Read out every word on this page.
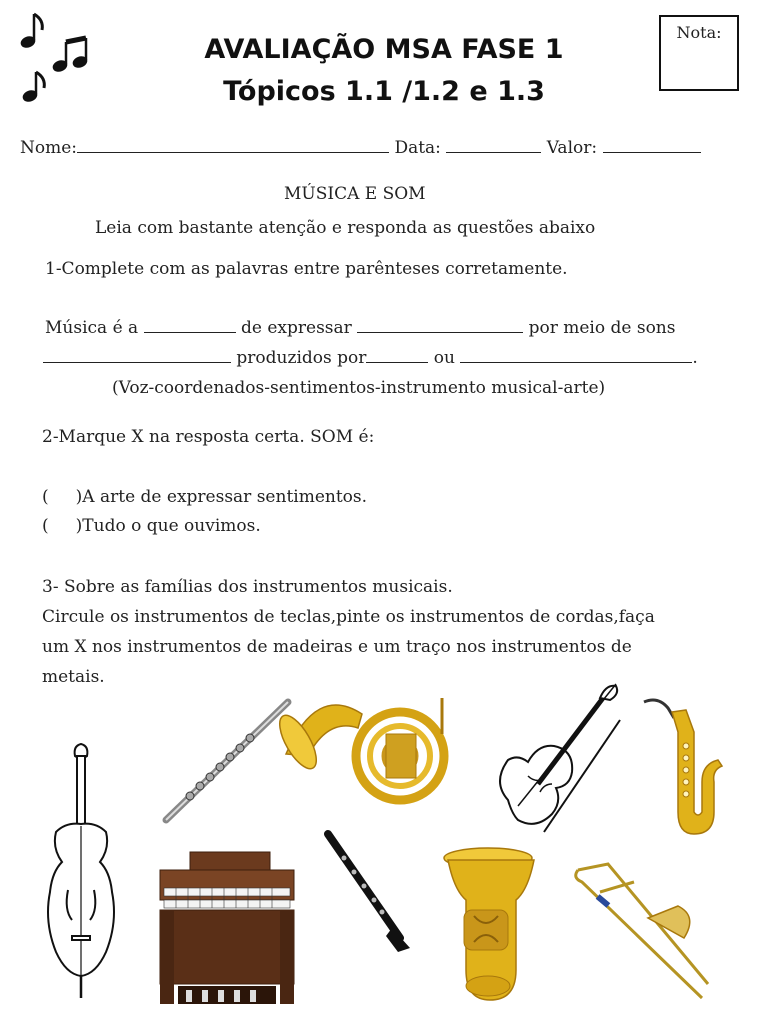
AVALIAÇÃO MSA FASE 1
Tópicos 1.1 /1.2 e 1.3
Nota:
Nome:	Data:	Valor:
MÚSICA E SOM
Leia com bastante atenção e responda as questões abaixo
1-Complete com as palavras entre parênteses corretamente.
Música é a	de expressar	por meio de sons
produzidos por	ou	.
(Voz-coordenados-sentimentos-instrumento musical-arte)
2-Marque X na resposta certa. SOM é:
(     )A arte de expressar sentimentos.
(     )Tudo o que ouvimos.
3- Sobre as famílias dos instrumentos musicais.
Circule os instrumentos de teclas,pinte os instrumentos de cordas,faça
um X nos instrumentos de madeiras e um traço nos instrumentos de
metais.
